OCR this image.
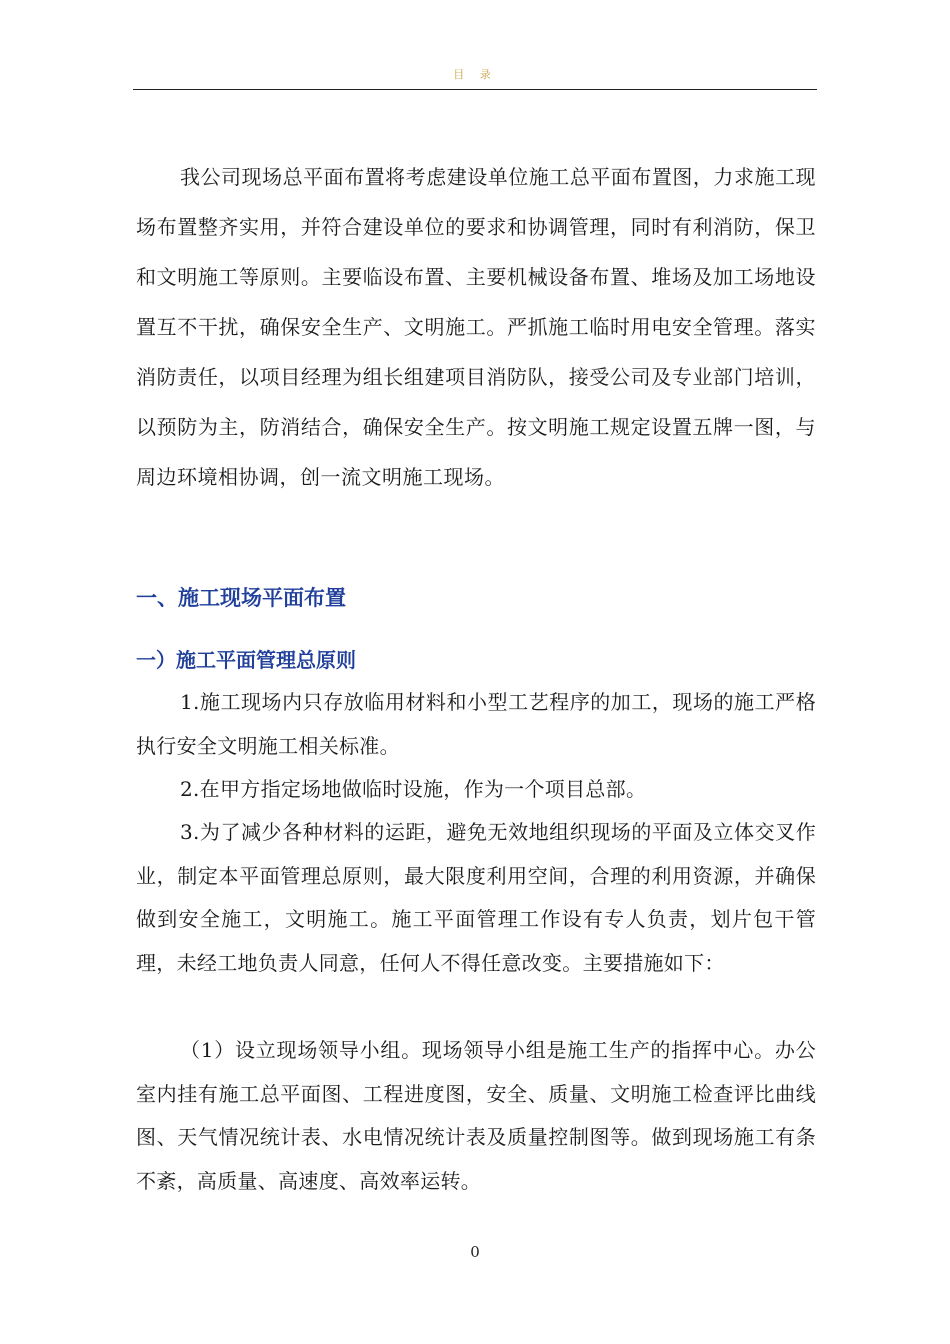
目 录

我公司现场总平面布置将考虑建设单位施工总平面布置图，力求施工现场布置整齐实用，并符合建设单位的要求和协调管理，同时有利消防，保卫和文明施工等原则。主要临设布置、主要机械设备布置、堆场及加工场地设置互不干扰，确保安全生产、文明施工。严抓施工临时用电安全管理。落实消防责任，以项目经理为组长组建项目消防队，接受公司及专业部门培训，以预防为主，防消结合，确保安全生产。按文明施工规定设置五牌一图，与周边环境相协调，创一流文明施工现场。

一、施工现场平面布置
一）施工平面管理总原则

1.施工现场内只存放临用材料和小型工艺程序的加工，现场的施工严格执行安全文明施工相关标准。

2.在甲方指定场地做临时设施，作为一个项目总部。

3.为了减少各种材料的运距，避免无效地组织现场的平面及立体交叉作业，制定本平面管理总原则，最大限度利用空间，合理的利用资源，并确保做到安全施工，文明施工。施工平面管理工作设有专人负责，划片包干管理，未经工地负责人同意，任何人不得任意改变。主要措施如下：

（1）设立现场领导小组。现场领导小组是施工生产的指挥中心。办公室内挂有施工总平面图、工程进度图，安全、质量、文明施工检查评比曲线图、天气情况统计表、水电情况统计表及质量控制图等。做到现场施工有条不紊，高质量、高速度、高效率运转。

0
